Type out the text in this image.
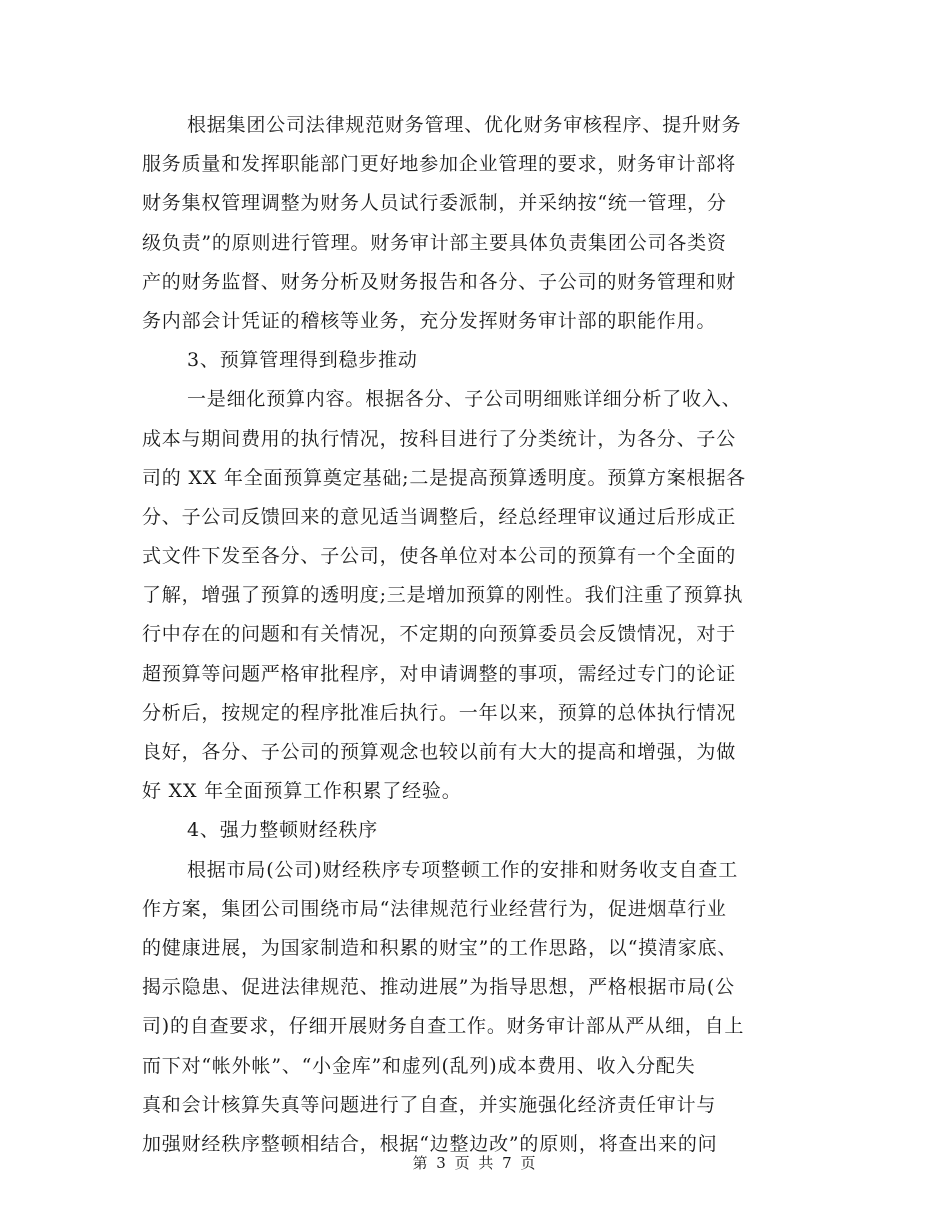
根据集团公司法律规范财务管理、优化财务审核程序、提升财务
服务质量和发挥职能部门更好地参加企业管理的要求，财务审计部将
财务集权管理调整为财务人员试行委派制，并采纳按“统一管理，分
级负责”的原则进行管理。财务审计部主要具体负责集团公司各类资
产的财务监督、财务分析及财务报告和各分、子公司的财务管理和财
务内部会计凭证的稽核等业务，充分发挥财务审计部的职能作用。
3、预算管理得到稳步推动
一是细化预算内容。根据各分、子公司明细账详细分析了收入、
成本与期间费用的执行情况，按科目进行了分类统计，为各分、子公
司的 XX 年全面预算奠定基础;二是提高预算透明度。预算方案根据各
分、子公司反馈回来的意见适当调整后，经总经理审议通过后形成正
式文件下发至各分、子公司，使各单位对本公司的预算有一个全面的
了解，增强了预算的透明度;三是增加预算的刚性。我们注重了预算执
行中存在的问题和有关情况，不定期的向预算委员会反馈情况，对于
超预算等问题严格审批程序，对申请调整的事项，需经过专门的论证
分析后，按规定的程序批准后执行。一年以来，预算的总体执行情况
良好，各分、子公司的预算观念也较以前有大大的提高和增强，为做
好 XX 年全面预算工作积累了经验。
4、强力整顿财经秩序
根据市局(公司)财经秩序专项整顿工作的安排和财务收支自查工
作方案，集团公司围绕市局“法律规范行业经营行为，促进烟草行业
的健康进展，为国家制造和积累的财宝”的工作思路，以“摸清家底、
揭示隐患、促进法律规范、推动进展”为指导思想，严格根据市局(公
司)的自查要求，仔细开展财务自查工作。财务审计部从严从细，自上
而下对“帐外帐”、“小金库”和虚列(乱列)成本费用、收入分配失
真和会计核算失真等问题进行了自查，并实施强化经济责任审计与
加强财经秩序整顿相结合，根据“边整边改”的原则，将查出来的问
第 3 页 共 7 页
